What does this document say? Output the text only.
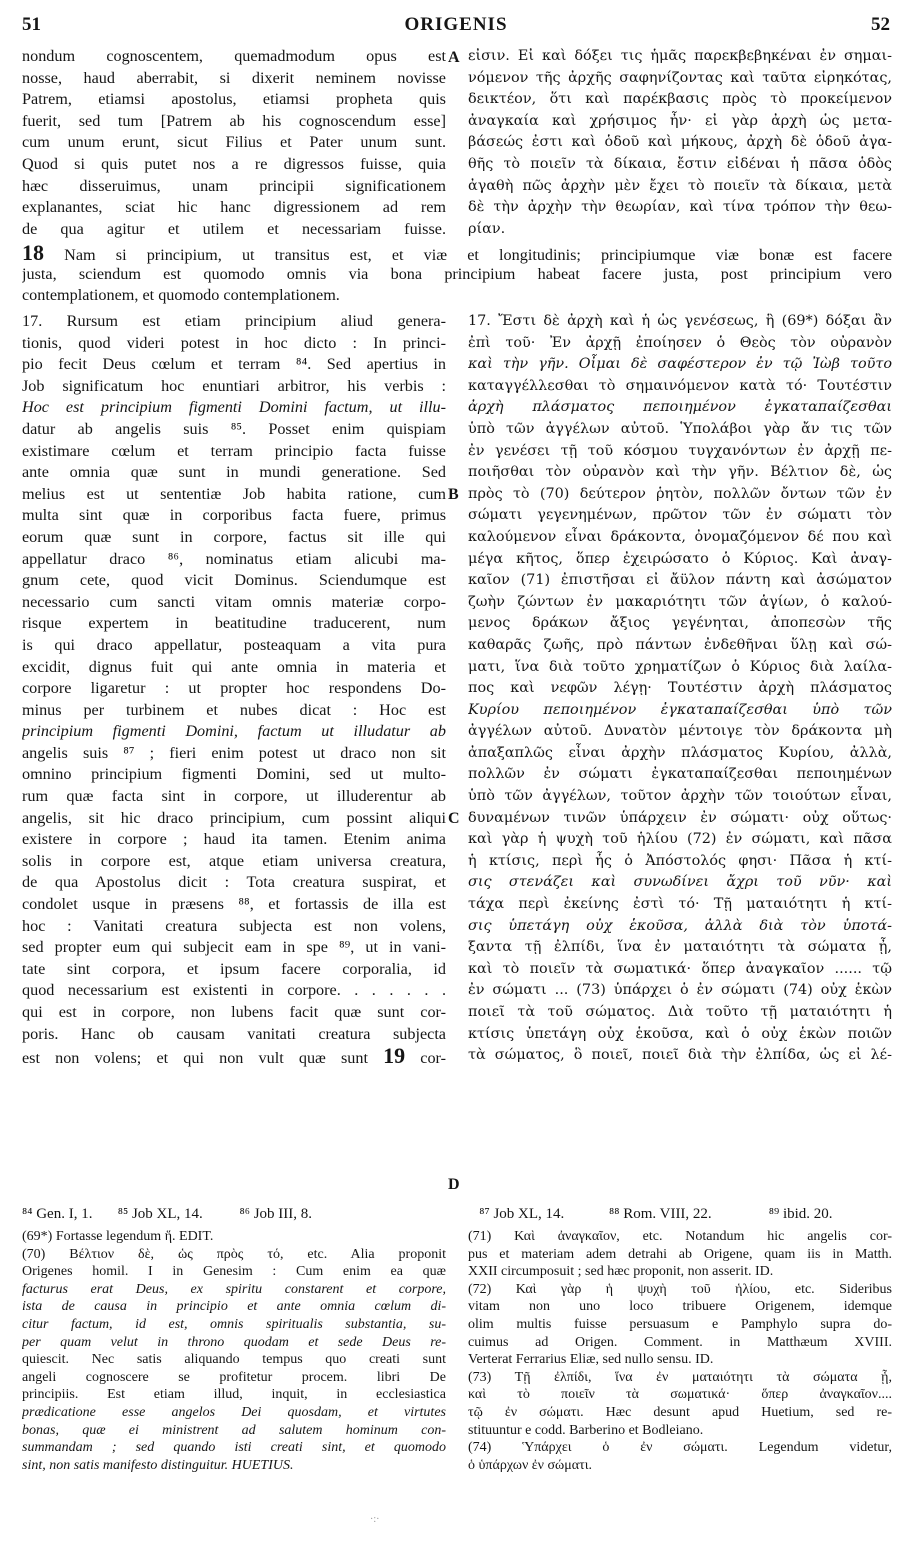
51	ORIGENIS	52
nondum cognoscentem, quemadmodum opus est
nosse, haud aberrabit, si dixerit neminem novisse
Patrem, etiamsi apostolus, etiamsi propheta quis
fuerit, sed tum [Patrem ab his cognoscendum esse]
cum unum erunt, sicut Filius et Pater unum sunt.
Quod si quis putet nos a re digressos fuisse, quia
hæc disseruimus, unam principii significationem
explanantes, sciat hic hanc digressionem ad rem
de qua agitur et utilem et necessariam fuisse.
A εἰσιν. Εἰ καὶ δόξει τις ἡμᾶς παρεκβεβηκέναι ἐν σημαι-
νόμενον τῆς ἀρχῆς σαφηνίζοντας καὶ ταῦτα εἰρηκότας,
δεικτέον, ὅτι καὶ παρέκβασις πρὸς τὸ προκείμενον
ἀναγκαία καὶ χρήσιμος ἦν· εἰ γὰρ ἀρχὴ ὡς μετα-
βάσεώς ἐστι καὶ ὁδοῦ καὶ μήκους, ἀρχὴ δὲ ὁδοῦ ἀγα-
θῆς τὸ ποιεῖν τὰ δίκαια, ἔστιν εἰδέναι ἡ πᾶσα ὁδὸς
ἀγαθὴ πῶς ἀρχὴν μὲν ἔχει τὸ ποιεῖν τὰ δίκαια, μετὰ
δὲ τὴν ἀρχὴν τὴν θεωρίαν, καὶ τίνα τρόπον τὴν θεω-
ρίαν.
18 Nam si principium, ut transitus est, et viæ et longitudinis; principiumque viæ bonæ est facere
justa, sciendum est quomodo omnis via bona principium habeat facere justa, post principium vero
contemplationem, et quomodo contemplationem.
17. Rursum est etiam principium aliud genera-
tionis, quod videri potest in hoc dicto : In princi-
pio fecit Deus cœlum et terram ⁸⁴. Sed apertius in
Job significatum hoc enuntiari arbitror, his verbis :
Hoc est principium figmenti Domini factum, ut illu-
datur ab angelis suis ⁸⁵. Posset enim quispiam
existimare cœlum et terram principio facta fuisse
ante omnia quæ sunt in mundi generatione. Sed
melius est ut sententiæ Job habita ratione, cum
multa sint quæ in corporibus facta fuere, primus
eorum quæ sunt in corpore, factus sit ille qui
appellatur draco ⁸⁶, nominatus etiam alicubi ma-
gnum cete, quod vicit Dominus. Sciendumque est
necessario cum sancti vitam omnis materiæ corpo-
risque expertem in beatitudine traducerent, num
is qui draco appellatur, posteaquam a vita pura
excidit, dignus fuit qui ante omnia in materia et
corpore ligaretur : ut propter hoc respondens Do-
minus per turbinem et nubes dicat : Hoc est
principium figmenti Domini, factum ut illudatur ab
angelis suis ⁸⁷ ; fieri enim potest ut draco non sit
omnino principium figmenti Domini, sed ut multo-
rum quæ facta sint in corpore, ut illuderentur ab
angelis, sit hic draco principium, cum possint aliqui
existere in corpore ; haud ita tamen. Etenim anima
solis in corpore est, atque etiam universa creatura,
de qua Apostolus dicit : Tota creatura suspirat, et
condolet usque in præsens ⁸⁸, et fortassis de illa est
hoc : Vanitati creatura subjecta est non volens,
sed propter eum qui subjecit eam in spe ⁸⁹, ut in vani-
tate sint corpora, et ipsum facere corporalia, id
quod necessarium est existenti in corpore. . . . . . .
qui est in corpore, non lubens facit quæ sunt cor-
poris. Hanc ob causam vanitati creatura subjecta
est non volens; et qui non vult quæ sunt 19 cor-
B
C
D
17. Ἔστι δὲ ἀρχὴ καὶ ἡ ὡς γενέσεως, ἣ (69*) δόξαι ἂν
ἐπὶ τοῦ· Ἐν ἀρχῇ ἐποίησεν ὁ Θεὸς τὸν οὐρανὸν
καὶ τὴν γῆν. Οἶμαι δὲ σαφέστερον ἐν τῷ Ἰὼβ τοῦτο
καταγγέλλεσθαι τὸ σημαινόμενον κατὰ τό· Τουτέστιν
ἀρχὴ πλάσματος πεποιημένον ἐγκαταπαίζεσθαι
ὑπὸ τῶν ἀγγέλων αὐτοῦ. Ὑπολάβοι γὰρ ἄν τις τῶν
ἐν γενέσει τῇ τοῦ κόσμου τυγχανόντων ἐν ἀρχῇ πε-
ποιῆσθαι τὸν οὐρανὸν καὶ τὴν γῆν. Βέλτιον δὲ, ὡς
πρὸς τὸ (70) δεύτερον ῥητὸν, πολλῶν ὄντων τῶν ἐν
σώματι γεγενημένων, πρῶτον τῶν ἐν σώματι τὸν
καλούμενον εἶναι δράκοντα, ὀνομαζόμενον δέ που καὶ
μέγα κῆτος, ὅπερ ἐχειρώσατο ὁ Κύριος. Καὶ ἀναγ-
καῖον (71) ἐπιστῆσαι εἰ ἄϋλον πάντη καὶ ἀσώματον
ζωὴν ζώντων ἐν μακαριότητι τῶν ἁγίων, ὁ καλού-
μενος δράκων ἄξιος γεγένηται, ἀποπεσὼν τῆς
καθαρᾶς ζωῆς, πρὸ πάντων ἐνδεθῆναι ὕλῃ καὶ σώ-
ματι, ἵνα διὰ τοῦτο χρηματίζων ὁ Κύριος διὰ λαίλα-
πος καὶ νεφῶν λέγῃ· Τουτέστιν ἀρχὴ πλάσματος
Κυρίου πεποιημένον ἐγκαταπαίζεσθαι ὑπὸ τῶν
ἀγγέλων αὐτοῦ. Δυνατὸν μέντοιγε τὸν δράκοντα μὴ
ἀπαξαπλῶς εἶναι ἀρχὴν πλάσματος Κυρίου, ἀλλὰ,
πολλῶν ἐν σώματι ἐγκαταπαίζεσθαι πεποιημένων
ὑπὸ τῶν ἀγγέλων, τοῦτον ἀρχὴν τῶν τοιούτων εἶναι,
δυναμένων τινῶν ὑπάρχειν ἐν σώματι· οὐχ οὕτως·
καὶ γὰρ ἡ ψυχὴ τοῦ ἡλίου (72) ἐν σώματι, καὶ πᾶσα
ἡ κτίσις, περὶ ἧς ὁ Ἀπόστολός φησι· Πᾶσα ἡ κτί-
σις στενάζει καὶ συνωδίνει ἄχρι τοῦ νῦν· καὶ
τάχα περὶ ἐκείνης ἐστὶ τό· Τῇ ματαιότητι ἡ κτί-
σις ὑπετάγη οὐχ ἑκοῦσα, ἀλλὰ διὰ τὸν ὑποτά-
ξαντα τῇ ἐλπίδι, ἵνα ἐν ματαιότητι τὰ σώματα ᾖ,
καὶ τὸ ποιεῖν τὰ σωματικά· ὅπερ ἀναγκαῖον ...... τῷ
ἐν σώματι ... (73) ὑπάρχει ὁ ἐν σώματι (74) οὐχ ἑκὼν
ποιεῖ τὰ τοῦ σώματος. Διὰ τοῦτο τῇ ματαιότητι ἡ
κτίσις ὑπετάγη οὐχ ἑκοῦσα, καὶ ὁ οὐχ ἑκὼν ποιῶν
τὰ σώματος, ὃ ποιεῖ, ποιεῖ διὰ τὴν ἐλπίδα, ὡς εἰ λέ-
⁸⁴ Gen. I, 1. ⁸⁵ Job XL, 14. ⁸⁶ Job III, 8.	⁸⁷ Job XL, 14.	⁸⁸ Rom. VIII, 22.	⁸⁹ ibid. 20.
(69*) Fortasse legendum ἥ. EDIT.
(70) Βέλτιον δὲ, ὡς πρὸς τό, etc. Alia proponit
Origenes homil. I in Genesim : Cum enim ea quæ
facturus erat Deus, ex spiritu constarent et corpore,
ista de causa in principio et ante omnia cœlum di-
citur factum, id est, omnis spiritualis substantia, su-
per quam velut in throno quodam et sede Deus re-
quiescit. Nec satis aliquando tempus quo creati sunt
angeli cognoscere se profitetur procem. libri De
principiis. Est etiam illud, inquit, in ecclesiastica
prædicatione esse angelos Dei quosdam, et virtutes
bonas, quæ ei ministrent ad salutem hominum con-
summandam ; sed quando isti creati sint, et quomodo
sint, non satis manifesto distinguitur. HUETIUS.
(71) Καὶ ἀναγκαῖον, etc. Notandum hic angelis cor-
pus et materiam adem detrahi ab Origene, quam iis in Matth.
XXII circumposuit ; sed hæc proponit, non asserit. ID.
(72) Καὶ γὰρ ἡ ψυχὴ τοῦ ἡλίου, etc. Sideribus
vitam non uno loco tribuere Origenem, idemque
olim multis fuisse persuasum e Pamphylo supra do-
cuimus ad Origen. Comment. in Matthæum XVIII.
Verterat Ferrarius Eliæ, sed nullo sensu. ID.
(73) Τῇ ἐλπίδι, ἵνα ἐν ματαιότητι τὰ σώματα ᾖ,
καὶ τὸ ποιεῖν τὰ σωματικά· ὅπερ ἀναγκαῖον....
τῷ ἐν σώματι. Hæc desunt apud Huetium, sed re-
stituuntur e codd. Barberino et Bodleiano.
(74) Ὑπάρχει ὁ ἐν σώματι. Legendum videtur,
ὁ ὑπάρχων ἐν σώματι.
·:·
